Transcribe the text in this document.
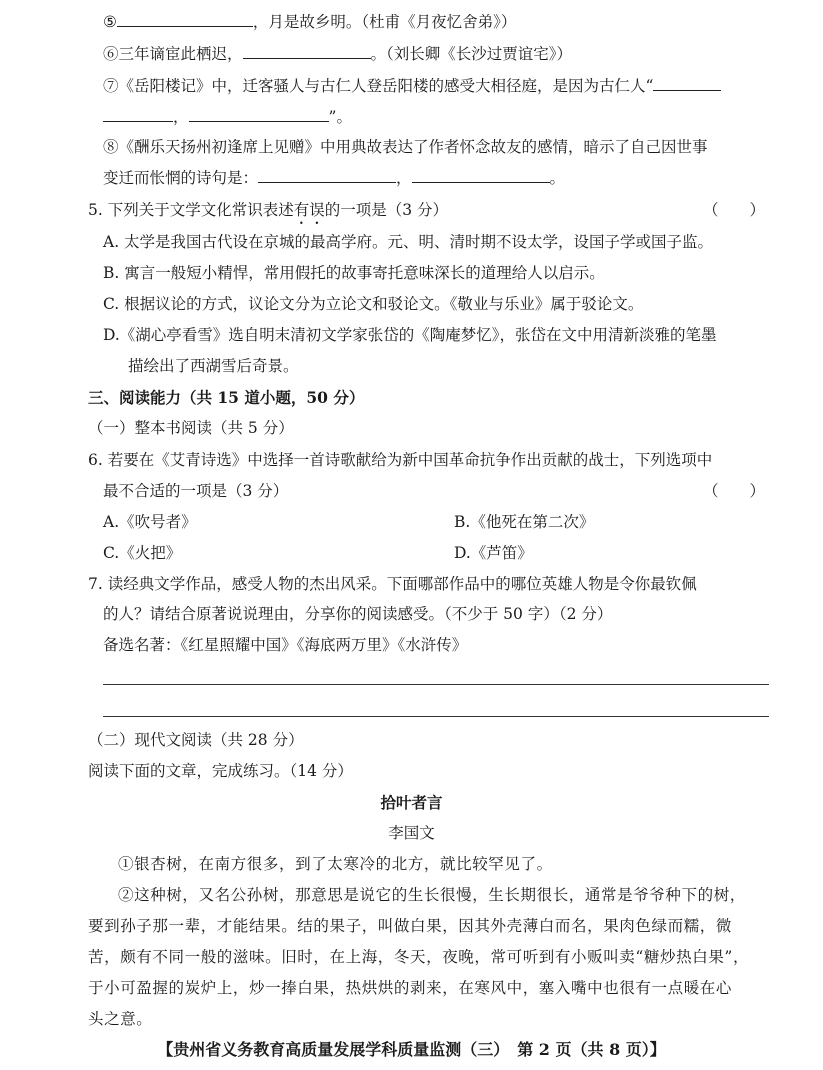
⑤	，月是故乡明。（杜甫《月夜忆舍弟》）
⑥三年谪宦此栖迟，	。（刘长卿《长沙过贾谊宅》）
⑦《岳阳楼记》中，迁客骚人与古仁人登岳阳楼的感受大相径庭，是因为古仁人“
，	”。
⑧《酬乐天扬州初逢席上见赠》中用典故表达了作者怀念故友的感情，暗示了自己因世事
变迁而怅惘的诗句是：	，	。
5. 下列关于文学文化常识表述有误的一项是（3 分）	（　　）
A. 太学是我国古代设在京城的最高学府。元、明、清时期不设太学，设国子学或国子监。
B. 寓言一般短小精悍，常用假托的故事寄托意味深长的道理给人以启示。
C. 根据议论的方式，议论文分为立论文和驳论文。《敬业与乐业》属于驳论文。
D.《湖心亭看雪》选自明末清初文学家张岱的《陶庵梦忆》，张岱在文中用清新淡雅的笔墨
描绘出了西湖雪后奇景。
三、阅读能力（共 15 道小题，50 分）
（一）整本书阅读（共 5 分）
6. 若要在《艾青诗选》中选择一首诗歌献给为新中国革命抗争作出贡献的战士，下列选项中
最不合适的一项是（3 分）	（　　）
A.《吹号者》	B.《他死在第二次》
C.《火把》	D.《芦笛》
7. 读经典文学作品，感受人物的杰出风采。下面哪部作品中的哪位英雄人物是令你最钦佩
的人？请结合原著说说理由，分享你的阅读感受。（不少于 50 字）（2 分）
备选名著：《红星照耀中国》《海底两万里》《水浒传》
（二）现代文阅读（共 28 分）
阅读下面的文章，完成练习。（14 分）
拾叶者言
李国文
①银杏树，在南方很多，到了太寒冷的北方，就比较罕见了。
②这种树，又名公孙树，那意思是说它的生长很慢，生长期很长，通常是爷爷种下的树，
要到孙子那一辈，才能结果。结的果子，叫做白果，因其外壳薄白而名，果肉色绿而糯，微
苦，颇有不同一般的滋味。旧时，在上海，冬天，夜晚，常可听到有小贩叫卖“糖炒热白果”，
于小可盈握的炭炉上，炒一捧白果，热烘烘的剥来，在寒风中，塞入嘴中也很有一点暖在心
头之意。
【贵州省义务教育高质量发展学科质量监测（三）　第 2 页（共 8 页）】
